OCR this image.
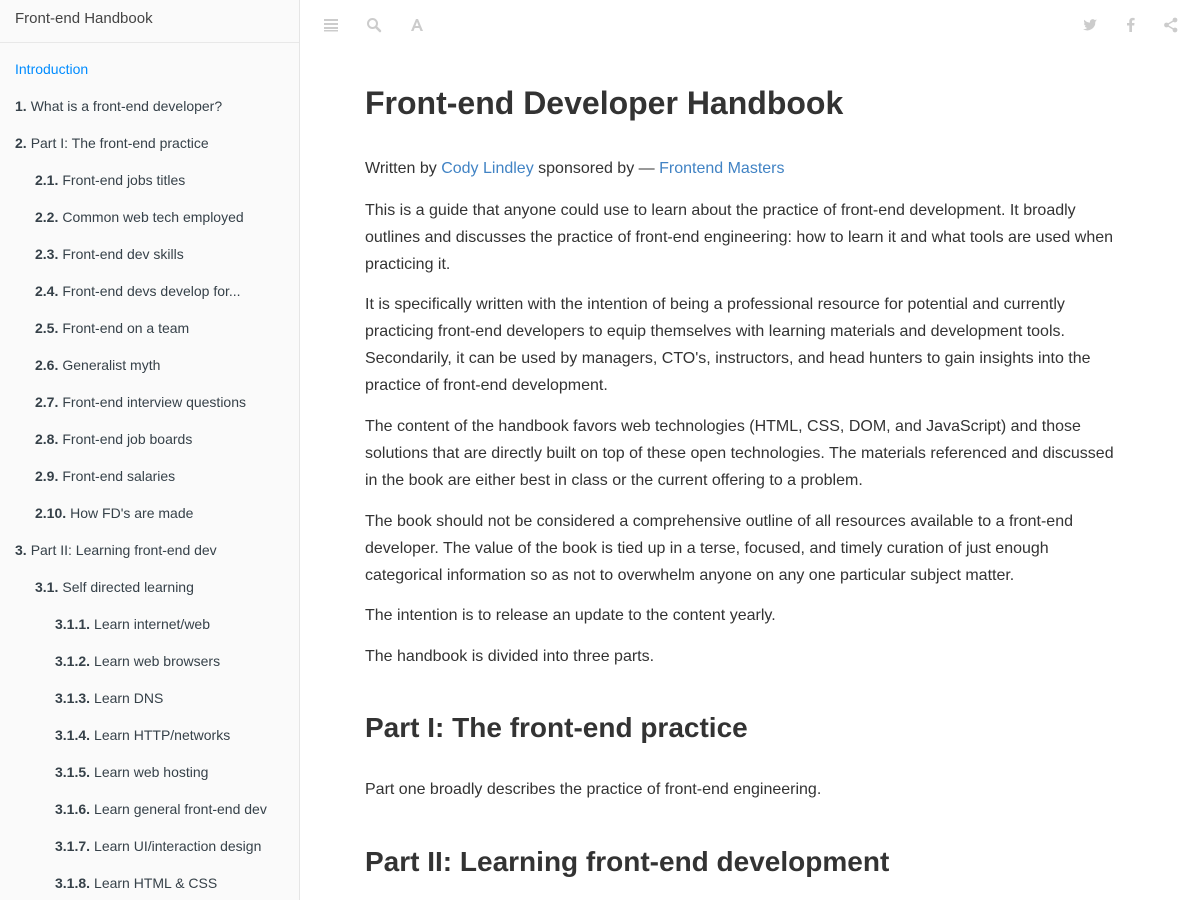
Front-end Handbook
Introduction
1. What is a front-end developer?
2. Part I: The front-end practice
2.1. Front-end jobs titles
2.2. Common web tech employed
2.3. Front-end dev skills
2.4. Front-end devs develop for...
2.5. Front-end on a team
2.6. Generalist myth
2.7. Front-end interview questions
2.8. Front-end job boards
2.9. Front-end salaries
2.10. How FD's are made
3. Part II: Learning front-end dev
3.1. Self directed learning
3.1.1. Learn internet/web
3.1.2. Learn web browsers
3.1.3. Learn DNS
3.1.4. Learn HTTP/networks
3.1.5. Learn web hosting
3.1.6. Learn general front-end dev
3.1.7. Learn UI/interaction design
3.1.8. Learn HTML & CSS
Front-end Developer Handbook
Written by Cody Lindley sponsored by — Frontend Masters

This is a guide that anyone could use to learn about the practice of front-end development. It broadly outlines and discusses the practice of front-end engineering: how to learn it and what tools are used when practicing it.

It is specifically written with the intention of being a professional resource for potential and currently practicing front-end developers to equip themselves with learning materials and development tools. Secondarily, it can be used by managers, CTO's, instructors, and head hunters to gain insights into the practice of front-end development.

The content of the handbook favors web technologies (HTML, CSS, DOM, and JavaScript) and those solutions that are directly built on top of these open technologies. The materials referenced and discussed in the book are either best in class or the current offering to a problem.

The book should not be considered a comprehensive outline of all resources available to a front-end developer. The value of the book is tied up in a terse, focused, and timely curation of just enough categorical information so as not to overwhelm anyone on any one particular subject matter.

The intention is to release an update to the content yearly.

The handbook is divided into three parts.

Part I: The front-end practice

Part one broadly describes the practice of front-end engineering.

Part II: Learning front-end development
